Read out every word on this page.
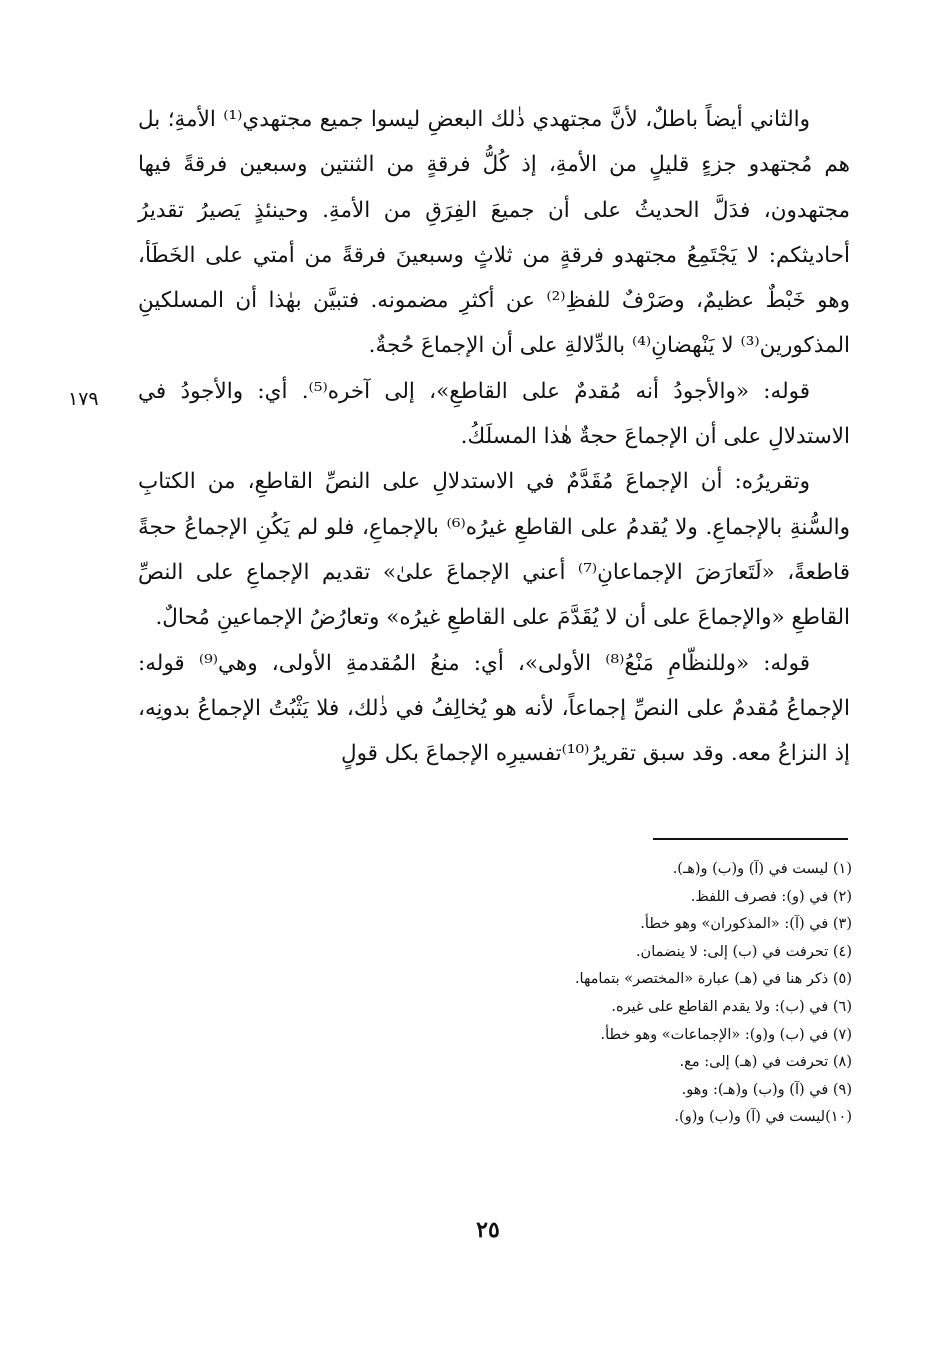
والثاني أيضاً باطلٌ، لأنَّ مجتهدي ذٰلك البعضِ ليسوا جميع مجتهدي⁽¹⁾ الأمةِ؛ بل هم مُجتهدو جزءٍ قليلٍ من الأمةِ، إذ كُلُّ فرقةٍ من الثنتين وسبعين فرقةً فيها مجتهدون، فدَلَّ الحديثُ على أن جميعَ الفِرَقِ من الأمةِ. وحينئذٍ يَصيرُ تقديرُ أحاديثكم: لا يَجْتَمِعُ مجتهدو فرقةٍ من ثلاثٍ وسبعينَ فرقةً من أمتي على الخَطَأ، وهو خَبْطٌ عظيمٌ، وصَرْفٌ للفظِ⁽²⁾ عن أكثرِ مضمونه. فتبيَّن بهٰذا أن المسلكينِ المذكورين⁽³⁾ لا يَنْهضانِ⁽⁴⁾ بالدِّلالةِ على أن الإجماعَ حُجةٌ.

قوله: «والأجودُ أنه مُقدمٌ على القاطعِ»، إلى آخره⁽⁵⁾. أي: والأجودُ في الاستدلالِ على أن الإجماعَ حجةٌ هٰذا المسلَكُ.

وتقريرُه: أن الإجماعَ مُقَدَّمٌ في الاستدلالِ على النصِّ القاطعِ، من الكتابِ والسُّنةِ بالإجماعِ. ولا يُقدمُ على القاطعِ غيرُه⁽⁶⁾ بالإجماعِ، فلو لم يَكُنِ الإجماعُ حجةً قاطعةً، «لَتَعارَضَ الإجماعانِ⁽⁷⁾ أعني الإجماعَ علىٰ» تقديم الإجماعِ على النصِّ القاطعِ «والإجماعَ على أن لا يُقَدَّمَ على القاطعِ غيرُه» وتعارُضُ الإجماعينِ مُحالٌ.

قوله: «وللنظّامِ مَنْعُ⁽⁸⁾ الأولى»، أي: منعُ المُقدمةِ الأولى، وهي⁽⁹⁾ قوله: الإجماعُ مُقدمٌ على النصِّ إجماعاً، لأنه هو يُخالِفُ في ذٰلك، فلا يَثْبُتُ الإجماعُ بدونِه، إذ النزاعُ معه. وقد سبق تقريرُ⁽¹⁰⁾تفسيرِه الإجماعَ بكل قولٍ

١٧٩
(١) ليست في (آ) و(ب) و(هـ).
(٢) في (و): فصرف اللفظ.
(٣) في (آ): «المذكوران» وهو خطأ.
(٤) تحرفت في (ب) إلى: لا ينضمان.
(٥) ذكر هنا في (هـ) عبارة «المختصر» بتمامها.
(٦) في (ب): ولا يقدم القاطع على غيره.
(٧) في (ب) و(و): «الإجماعات» وهو خطأ.
(٨) تحرفت في (هـ) إلى: مع.
(٩) في (آ) و(ب) و(هـ): وهو.
(١٠)ليست في (آ) و(ب) و(و).
٢٥
